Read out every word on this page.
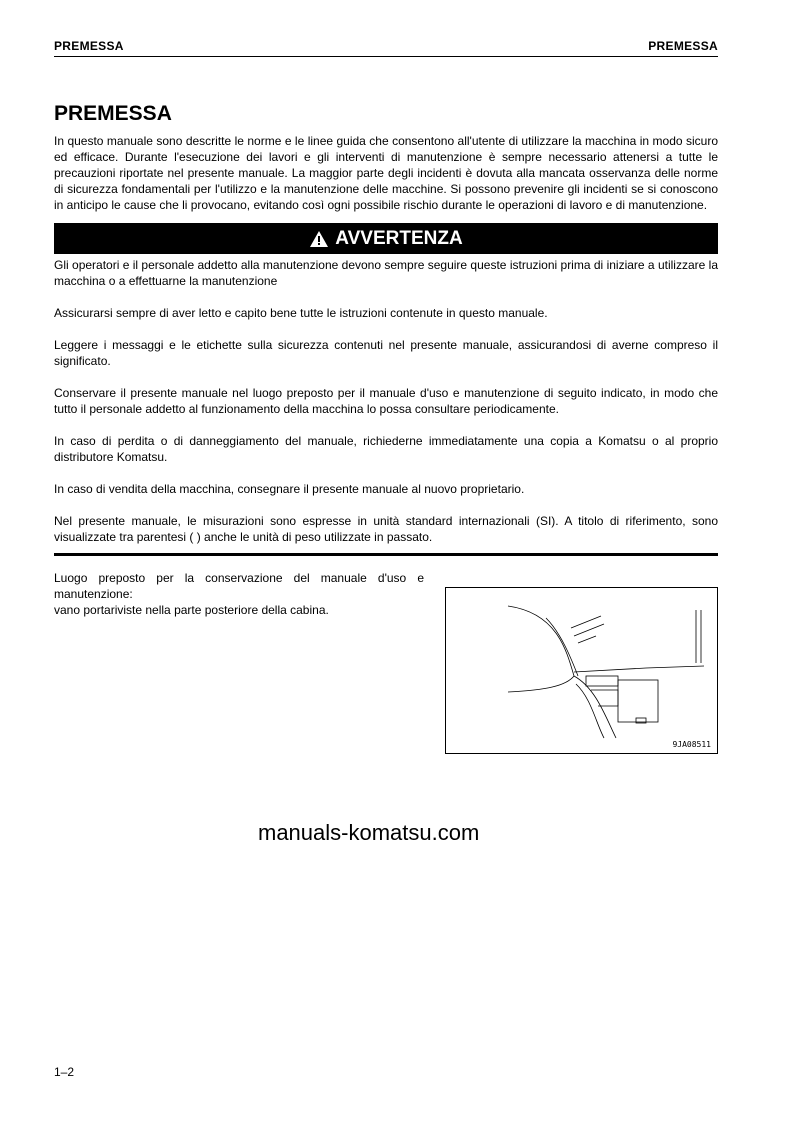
PREMESSA	PREMESSA
PREMESSA
In questo manuale sono descritte le norme e le linee guida che consentono all'utente di utilizzare la macchina in modo sicuro ed efficace. Durante l'esecuzione dei lavori e gli interventi di manutenzione è sempre necessario attenersi a tutte le precauzioni riportate nel presente manuale. La maggior parte degli incidenti è dovuta alla mancata osservanza delle norme di sicurezza fondamentali per l'utilizzo e la manutenzione delle macchine. Si possono prevenire gli incidenti se si conoscono in anticipo le cause che li provocano, evitando così ogni possibile rischio durante le operazioni di lavoro e di manutenzione.
AVVERTENZA
Gli operatori e il personale addetto alla manutenzione devono sempre seguire queste istruzioni prima di iniziare a utilizzare la macchina o a effettuarne la manutenzione
Assicurarsi sempre di aver letto e capito bene tutte le istruzioni contenute in questo manuale.
Leggere i messaggi e le etichette sulla sicurezza contenuti nel presente manuale, assicurandosi di averne compreso il significato.
Conservare il presente manuale nel luogo preposto per il manuale d'uso e manutenzione di seguito indicato, in modo che tutto il personale addetto al funzionamento della macchina lo possa consultare periodicamente.
In caso di perdita o di danneggiamento del manuale, richiederne immediatamente una copia a Komatsu o al proprio distributore Komatsu.
In caso di vendita della macchina, consegnare il presente manuale al nuovo proprietario.
Nel presente manuale, le misurazioni sono espresse in unità standard internazionali (SI). A titolo di riferimento, sono visualizzate tra parentesi ( ) anche le unità di peso utilizzate in passato.
Luogo preposto per la conservazione del manuale d'uso e manutenzione:
vano portariviste nella parte posteriore della cabina.
9JA08511
manuals-komatsu.com
1–2
